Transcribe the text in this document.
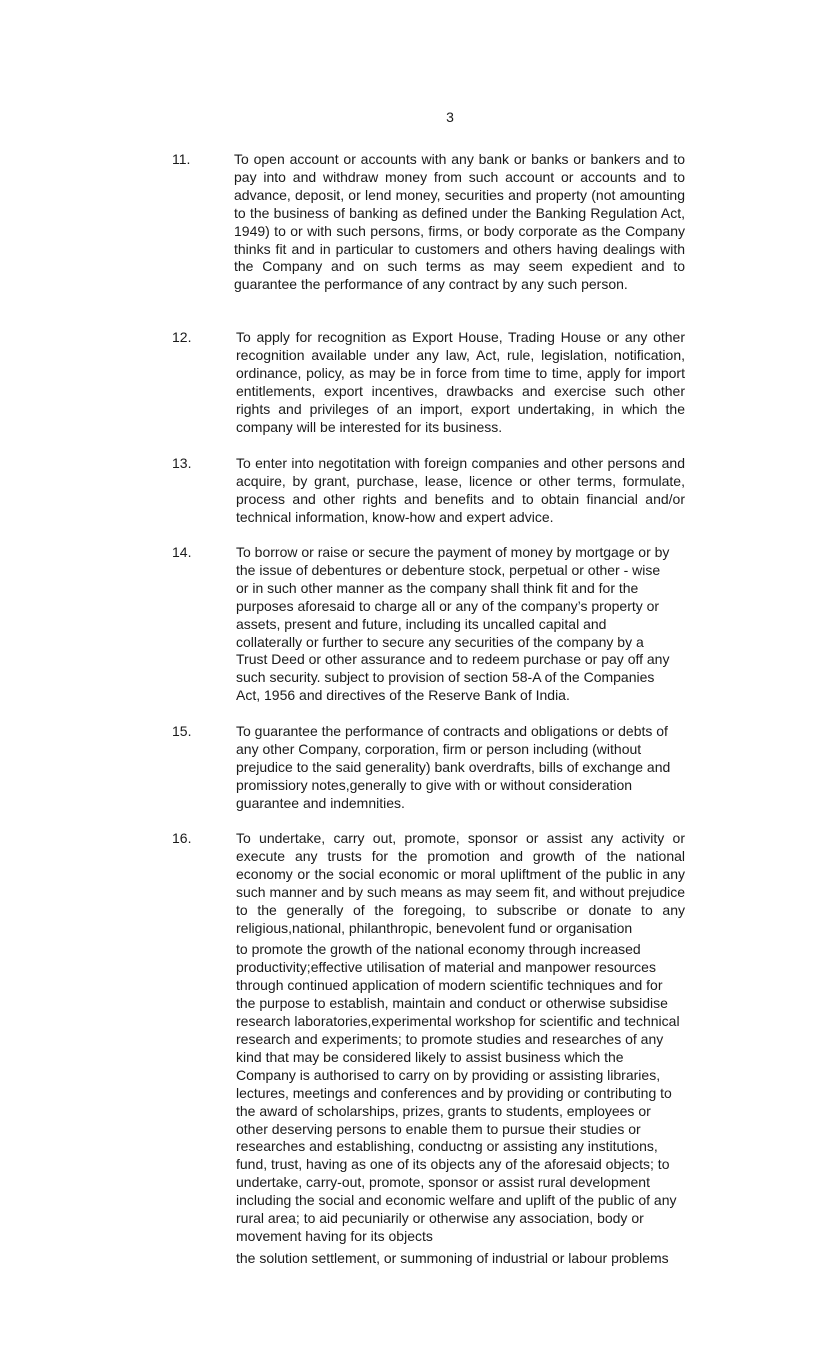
3
11.	To open account or accounts with any bank or banks or bankers and to pay into and withdraw money from such account or accounts and to advance, deposit, or lend money, securities and property (not amounting to the business of banking as defined under the Banking Regulation Act, 1949) to or with such persons, firms, or body corporate as the Company thinks fit and in particular to customers and others having dealings with the Company and on such terms as may seem expedient and to guarantee the performance of any contract by any such person.

12.	To apply for recognition as Export House, Trading House or any other recognition available under any law, Act, rule, legislation, notification, ordinance, policy, as may be in force from time to time, apply for import entitlements, export incentives, drawbacks and exercise such other rights and privileges of an import, export undertaking, in which the company will be interested for its business.

13.	To enter into negotitation with foreign companies and other persons and acquire, by grant, purchase, lease, licence or other terms, formulate, process and other rights and benefits and to obtain financial and/or technical information, know-how and expert advice.

14.	To borrow or raise or secure the payment of money by mortgage or by the issue of debentures or debenture stock, perpetual or other - wise or in such other manner as the company shall think fit and for the purposes aforesaid to charge all or any of the company’s property or assets, present and future, including its uncalled capital and collaterally or further to secure any securities of the company by a Trust Deed or other assurance and to redeem purchase or pay off any such security. subject to provision of section 58-A of the Companies Act, 1956 and directives of the Reserve Bank of India.

15.	To guarantee the performance of contracts and obligations or debts of any other Company, corporation, firm or person including (without prejudice to the said generality) bank overdrafts, bills of exchange and promissiory notes,generally to give with or without consideration guarantee and indemnities.

16.	To undertake, carry out, promote, sponsor or assist any activity or execute any trusts for the promotion and growth of the national economy or the social economic or moral upliftment of the public in any such manner and by such means as may seem fit, and without prejudice to the generally of the foregoing, to subscribe or donate to any religious,national, philanthropic, benevolent fund or organisation

to promote the growth of the national economy through increased productivity;effective utilisation of material and manpower resources through continued application of modern scientific techniques and for the purpose to establish, maintain and conduct or otherwise subsidise research laboratories,experimental workshop for scientific and technical research and experiments; to promote studies and researches of any kind that may be considered likely to assist business which the Company is authorised to carry on by providing or assisting libraries, lectures, meetings and conferences and by providing or contributing to the award of scholarships, prizes, grants to students, employees or other deserving persons to enable them to pursue their studies or researches and establishing, conductng or assisting any institutions, fund, trust, having as one of its objects any of the aforesaid objects; to undertake, carry-out, promote, sponsor or assist rural development including the social and economic welfare and uplift of the public of any rural area; to aid pecuniarily or otherwise any association, body or movement having for its objects

the solution settlement, or summoning of industrial or labour problems
